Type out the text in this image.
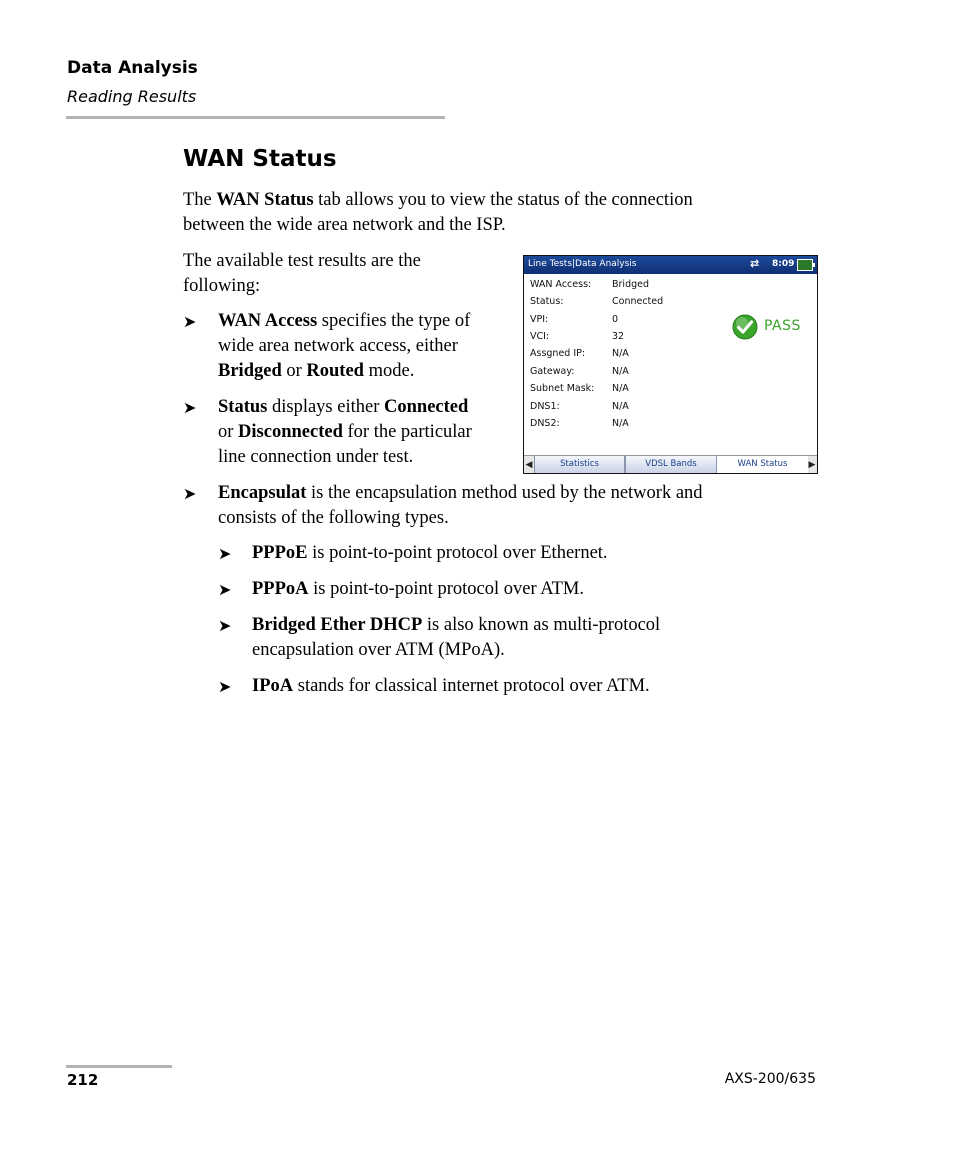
Data Analysis
Reading Results
WAN Status
The WAN Status tab allows you to view the status of the connection
between the wide area network and the ISP.
The available test results are the
following:
➤ WAN Access specifies the type of
wide area network access, either
Bridged or Routed mode.
➤ Status displays either Connected
or Disconnected for the particular
line connection under test.
➤ Encapsulat is the encapsulation method used by the network and
consists of the following types.
➤ PPPoE is point-to-point protocol over Ethernet.
➤ PPPoA is point-to-point protocol over ATM.
➤ Bridged Ether DHCP is also known as multi-protocol
encapsulation over ATM (MPoA).
➤ IPoA stands for classical internet protocol over ATM.
Line Tests|Data Analysis	⇄ 8:09
WAN Access: Bridged
Status:	Connected
VPI:	0
VCI:	32
Assgned IP:	N/A
Gateway:	N/A
Subnet Mask: N/A
DNS1:	N/A
DNS2:	N/A
PASS
◀	Statistics	VDSL Bands	WAN Status	▶
212	AXS-200/635
